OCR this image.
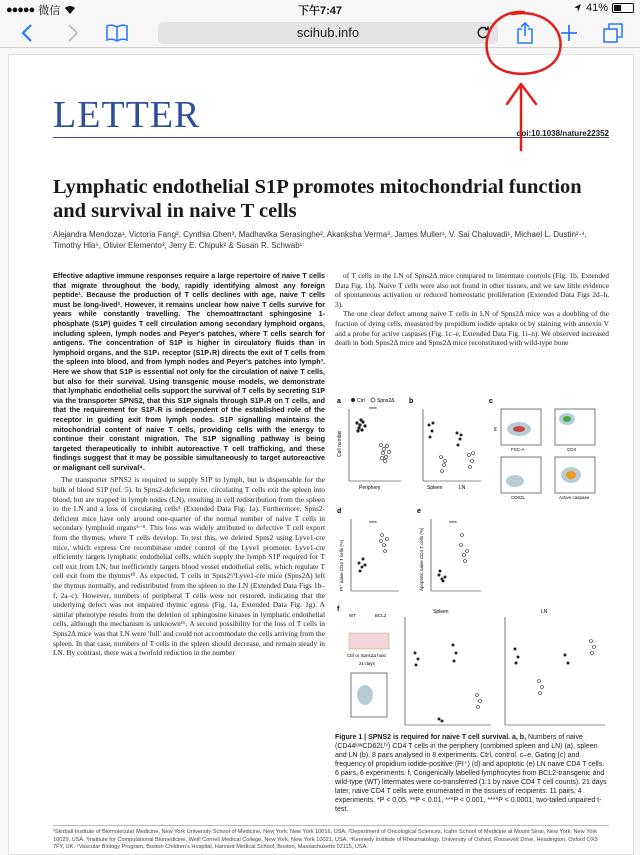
●●●●● 微信	下午7:47	41%
scihub.info
LETTER	doi:10.1038/nature22352
Lymphatic endothelial S1P promotes mitochondrial function and survival in naive T cells
Alejandra Mendoza¹, Victoria Fang², Cynthia Chen³, Madhavika Serasinghe², Akanksha Verma³, James Muller¹, V. Sai Chaluvadi¹, Michael L. Dustin²·⁴, Timothy Hla⁵, Olivier Elemento³, Jerry E. Chipuk² & Susan R. Schwab¹
Effective adaptive immune responses require a large repertoire of naive T cells that migrate throughout the body, rapidly identifying almost any foreign peptide¹. Because the production of T cells declines with age, naive T cells must be long-lived². However, it remains unclear how naive T cells survive for years while constantly travelling. The chemoattractant sphingosine 1-phosphate (S1P) guides T cell circulation among secondary lymphoid organs, including spleen, lymph nodes and Peyer's patches, where T cells search for antigens. The concentration of S1P is higher in circulatory fluids than in lymphoid organs, and the S1P₁ receptor (S1P₁R) directs the exit of T cells from the spleen into blood, and from lymph nodes and Peyer's patches into lymph³. Here we show that S1P is essential not only for the circulation of naive T cells, but also for their survival. Using transgenic mouse models, we demonstrate that lymphatic endothelial cells support the survival of T cells by secreting S1P via the transporter SPNS2, that this S1P signals through S1P₁R on T cells, and that the requirement for S1P₁R is independent of the established role of the receptor in guiding exit from lymph nodes. S1P signalling maintains the mitochondrial content of naive T cells, providing cells with the energy to continue their constant migration. The S1P signalling pathway is being targeted therapeutically to inhibit autoreactive T cell trafficking, and these findings suggest that it may be possible simultaneously to target autoreactive or malignant cell survival⁴.

The transporter SPNS2 is required to supply S1P to lymph, but is dispensable for the bulk of blood S1P (ref. 5). In Spns2-deficient mice, circulating T cells exit the spleen into blood, but are trapped in lymph nodes (LN), resulting in cell redistribution from the spleen to the LN and a loss of circulating cells⁵ (Extended Data Fig. 1a). Furthermore, Spns2-deficient mice have only around one-quarter of the normal number of naive T cells in secondary lymphoid organs⁵⁻⁸. This loss was widely attributed to defective T cell export from the thymus, where T cells develop. To test this, we deleted Spns2 using Lyve1-cre mice, which express Cre recombinase under control of the Lyve1 promoter. Lyve1-cre efficiently targets lymphatic endothelial cells, which supply the lymph S1P required for T cell exit from LN, but inefficiently targets blood vessel endothelial cells, which regulate T cell exit from the thymus¹⁰. As expected, T cells in Spns2ᶠ/ᶠLyve1-cre mice (Spns2Δ) left the thymus normally, and redistributed from the spleen to the LN (Extended Data Figs 1b–f, 2a–c). However, numbers of peripheral T cells were not restored, indicating that the underlying defect was not impaired thymic egress (Fig. 1a, Extended Data Fig. 1g). A similar phenotype results from the deletion of sphingosine kinases in lymphatic endothelial cells, although the mechanism is unknown¹⁶. A second possibility for the loss of T cells in Spns2Δ mice was that LN were 'full' and could not accommodate the cells arriving from the spleen. In that case, numbers of T cells in the spleen should decrease, and remain steady in LN. By contrast, there was a twofold reduction in the number

of T cells in the LN of Spns2Δ mice compared to littermate controls (Fig. 1b, Extended Data Fig. 1h). Naive T cells were also not found in other tissues, and we saw little evidence of spontaneous activation or reduced homeostatic proliferation (Extended Data Figs 2d–h, 3).

The one clear defect among naive T cells in LN of Spns2Δ mice was a doubling of the fraction of dying cells, measured by propidium iodide uptake or by staining with annexin V and a probe for active caspases (Fig. 1c–e, Extended Data Fig. 1i–n). We observed increased death in both Spns2Δ mice and Spns2Δ mice reconstituted with wild-type bone

a	Ctrl Spns2Δ
Cell number
Periphery
****
b
Spleen	LN
c
FSC-A	CD4
CD62L	Active caspase
PI
d
PI⁺ naive CD4 T cells (%)
****
e
Apoptotic naive CD4 T cells (%)
****
f
WT	BCL2
Ctrl or Spns2Δ host
21 days
Spleen	LN
Figure 1 | SPNS2 is required for naive T cell survival. a, b, Numbers of naive (CD44ˡᵒʷCD62Lʰⁱ) CD4 T cells in the periphery (combined spleen and LN) (a), spleen and LN (b). 8 pairs analysed in 8 experiments. Ctrl, control. c–e, Gating (c) and frequency of propidium iodide-positive (PI⁺) (d) and apoptotic (e) LN naive CD4 T cells. 6 pairs, 6 experiments. f, Congenically labelled lymphocytes from BCL2-transgenic and wild-type (WT) littermates were co-transferred (1:1 by naive CD4 T cell counts). 21 days later, naive CD4 T cells were enumerated in the tissues of recipients. 11 pairs, 4 experiments. *P < 0.05, **P < 0.01, ***P < 0.001, ****P < 0.0001, two-tailed unpaired t-test.
¹Skirball Institute of Biomolecular Medicine, New York University School of Medicine, New York, New York 10016, USA. ²Department of Oncological Sciences, Icahn School of Medicine at Mount Sinai, New York, New York 10029, USA. ³Institute for Computational Biomedicine, Weill Cornell Medical College, New York, New York 10021, USA. ⁴Kennedy Institute of Rheumatology, University of Oxford, Roosevelt Drive, Headington, Oxford OX3 7FY, UK. ⁵Vascular Biology Program, Boston Children's Hospital, Harvard Medical School, Boston, Massachusetts 02115, USA.
